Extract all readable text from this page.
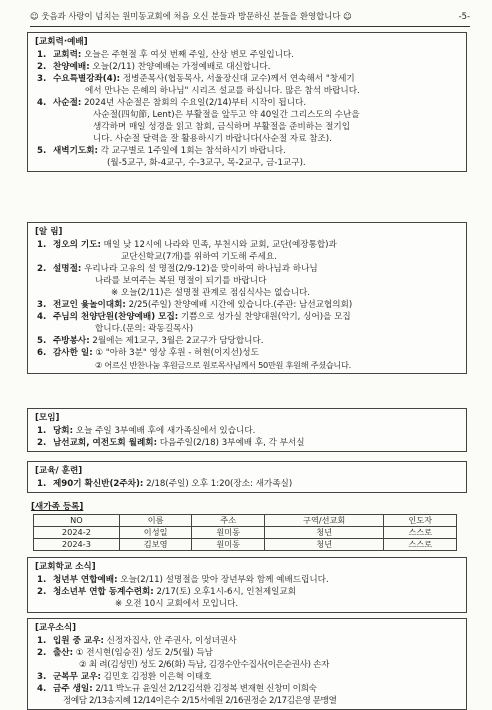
☺ 웃음과 사랑이 넘치는 원미동교회에 처음 오신 분들과 방문하신 분들을 환영합니다 ☺	-5-
[교회력·예배]
1. 교회력: 오늘은 주현절 후 여섯 번째 주일, 산상 변모 주일입니다.
2. 찬양예배: 오늘(2/11) 찬양예배는 가정예배로 대신합니다.
3. 수요특별강좌(4): 정병준목사(협동목사, 서울장신대 교수)께서 연속해서 "창세기
에서 만나는 은혜의 하나님" 시리즈 설교를 하십니다. 많은 참석 바랍니다.
4. 사순절: 2024년 사순절은 참회의 수요일(2/14)부터 시작이 됩니다.
사순절(四旬節, Lent)은 부활절을 앞두고 약 40일간 그리스도의 수난을
생각하며 매일 성경을 읽고 참회, 금식하며 부활절을 준비하는 절기입
니다. 사순절 달력을 잘 활용하시기 바랍니다(사순절 자료 참조).
5. 새벽기도회: 각 교구별로 1주일에 1회는 참석하시기 바랍니다.
(월-5교구, 화-4교구, 수-3교구, 목-2교구, 금-1교구).
[알 림]
1. 정오의 기도: 매일 낮 12시에 나라와 민족, 부천시와 교회, 교단(예장통합)과
교단신학교(7개)를 위하여 기도해 주세요.
2. 설명절: 우리나라 고유의 설 명절(2/9-12)을 맞이하여 하나님과 하나님
나라를 보여주는 복된 명절이 되기를 바랍니다
※ 오늘(2/11)은 설명절 관계로 점심식사는 없습니다.
3. 전교인 윷놀이대회: 2/25(주일) 찬양예배 시간에 있습니다.(주관: 남선교협의회)
4. 주님의 천양단원(찬양예배) 모집: 기쁨으로 성가실 찬양대원(악기, 싱어)을 모집
합니다.(문의: 곽동길목사)
5. 주방봉사: 2월에는 제1교구, 3월은 2교구가 담당합니다.
6. 감사한 일: ① "아하 3분" 영상 후원 - 허현(이지선)성도
② 어르신 반찬나눔 후원금으로 원로목사님께서 50만원 후원해 주셨습니다.
[모임]
1. 당회: 오늘 주일 3부예배 후에 새가족실에서 있습니다.
2. 남선교회, 여전도회 월례회: 다음주일(2/18) 3부예배 후, 각 부서실
[교육/ 훈련]
1. 제90기 확신반(2주차): 2/18(주일) 오후 1:20(장소: 새가족실)
[새가족 등록]
NO	이름	주소	구역/선교회	인도자
2024-2	이성일	원미동	청년	스스로
2024-3	김보영	원미동	청년	스스로
[교회학교 소식]
1. 청년부 연합예배: 오늘(2/11) 설명절을 맞아 장년부와 함께 예배드립니다.
2. 청소년부 연합 동계수련회: 2/17(토) 오후1시-6시, 인천제일교회
※ 오전 10시 교회에서 모입니다.
[교우소식]
1. 입원 중 교우: 신정자집사, 안 주권사, 이성녀권사
2. 출산: ① 전시현(임승진) 성도 2/5(월) 득남
② 최 려(김성민) 성도 2/6(화) 득남, 김경수안수집사(이은순권사) 손자
3. 군복무 교우: 김민호 김정환 이은혁 이태호
4. 금주 생일: 2/11 박노규 윤일선 2/12김석환 김정복 변재현 신창미 이희숙
정예담 2/13송지혜 12/14이은수 2/15서예원 2/16권정순 2/17김은영 문맹열
